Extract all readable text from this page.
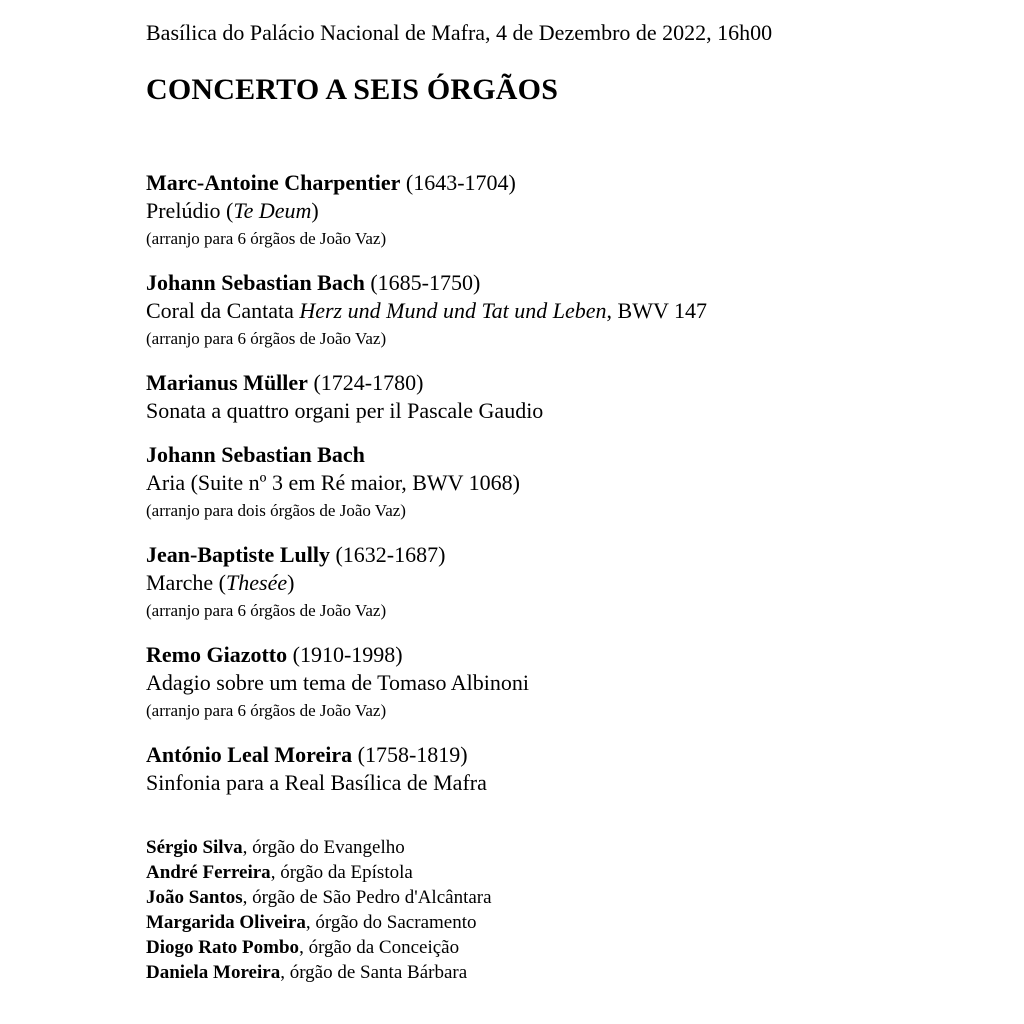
Basílica do Palácio Nacional de Mafra, 4 de Dezembro de 2022, 16h00
CONCERTO A SEIS ÓRGÃOS
Marc-Antoine Charpentier (1643-1704)
Prelúdio (Te Deum)
(arranjo para 6 órgãos de João Vaz)
Johann Sebastian Bach (1685-1750)
Coral da Cantata Herz und Mund und Tat und Leben, BWV 147
(arranjo para 6 órgãos de João Vaz)
Marianus Müller (1724-1780)
Sonata a quattro organi per il Pascale Gaudio
Johann Sebastian Bach
Aria (Suite nº 3 em Ré maior, BWV 1068)
(arranjo para dois órgãos de João Vaz)
Jean-Baptiste Lully (1632-1687)
Marche (Thesée)
(arranjo para 6 órgãos de João Vaz)
Remo Giazotto (1910-1998)
Adagio sobre um tema de Tomaso Albinoni
(arranjo para 6 órgãos de João Vaz)
António Leal Moreira (1758-1819)
Sinfonia para a Real Basílica de Mafra
Sérgio Silva, órgão do Evangelho
André Ferreira, órgão da Epístola
João Santos, órgão de São Pedro d'Alcântara
Margarida Oliveira, órgão do Sacramento
Diogo Rato Pombo, órgão da Conceição
Daniela Moreira, órgão de Santa Bárbara
